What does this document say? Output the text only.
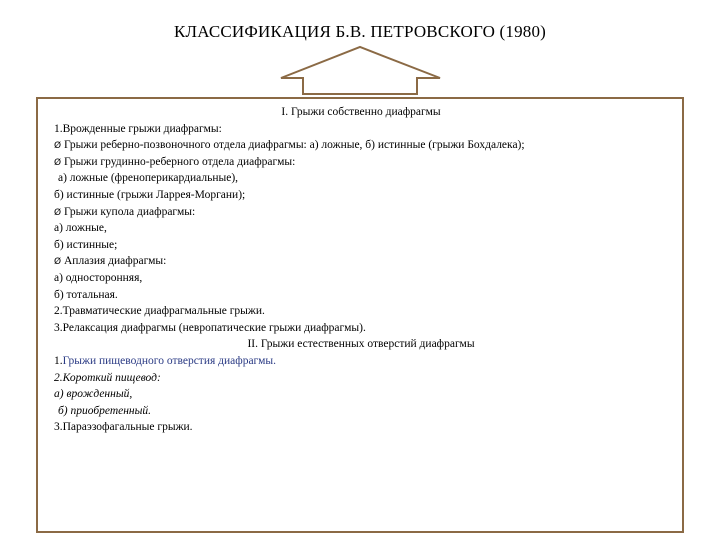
КЛАССИФИКАЦИЯ Б.В. ПЕТРОВСКОГО (1980)
I. Грыжи собственно диафрагмы
1.Врожденные грыжи диафрагмы:
Ø Грыжи реберно-позвоночного отдела диафрагмы: а) ложные, б) истинные (грыжи Бохдалека);
Ø Грыжи грудинно-реберного отдела диафрагмы:
а) ложные (френоперикардиальные),
б) истинные (грыжи Ларрея-Моргани);
Ø Грыжи купола диафрагмы:
а) ложные,
б) истинные;
Ø Аплазия диафрагмы:
а) односторонняя,
б) тотальная.
2.Травматические диафрагмальные грыжи.
3.Релаксация диафрагмы (невропатические грыжи диафрагмы).
II. Грыжи естественных отверстий диафрагмы
1.Грыжи пищеводного отверстия диафрагмы.
2.Короткий пищевод:
а) врожденный,
б) приобретенный.
3.Параэзофагальные грыжи.
